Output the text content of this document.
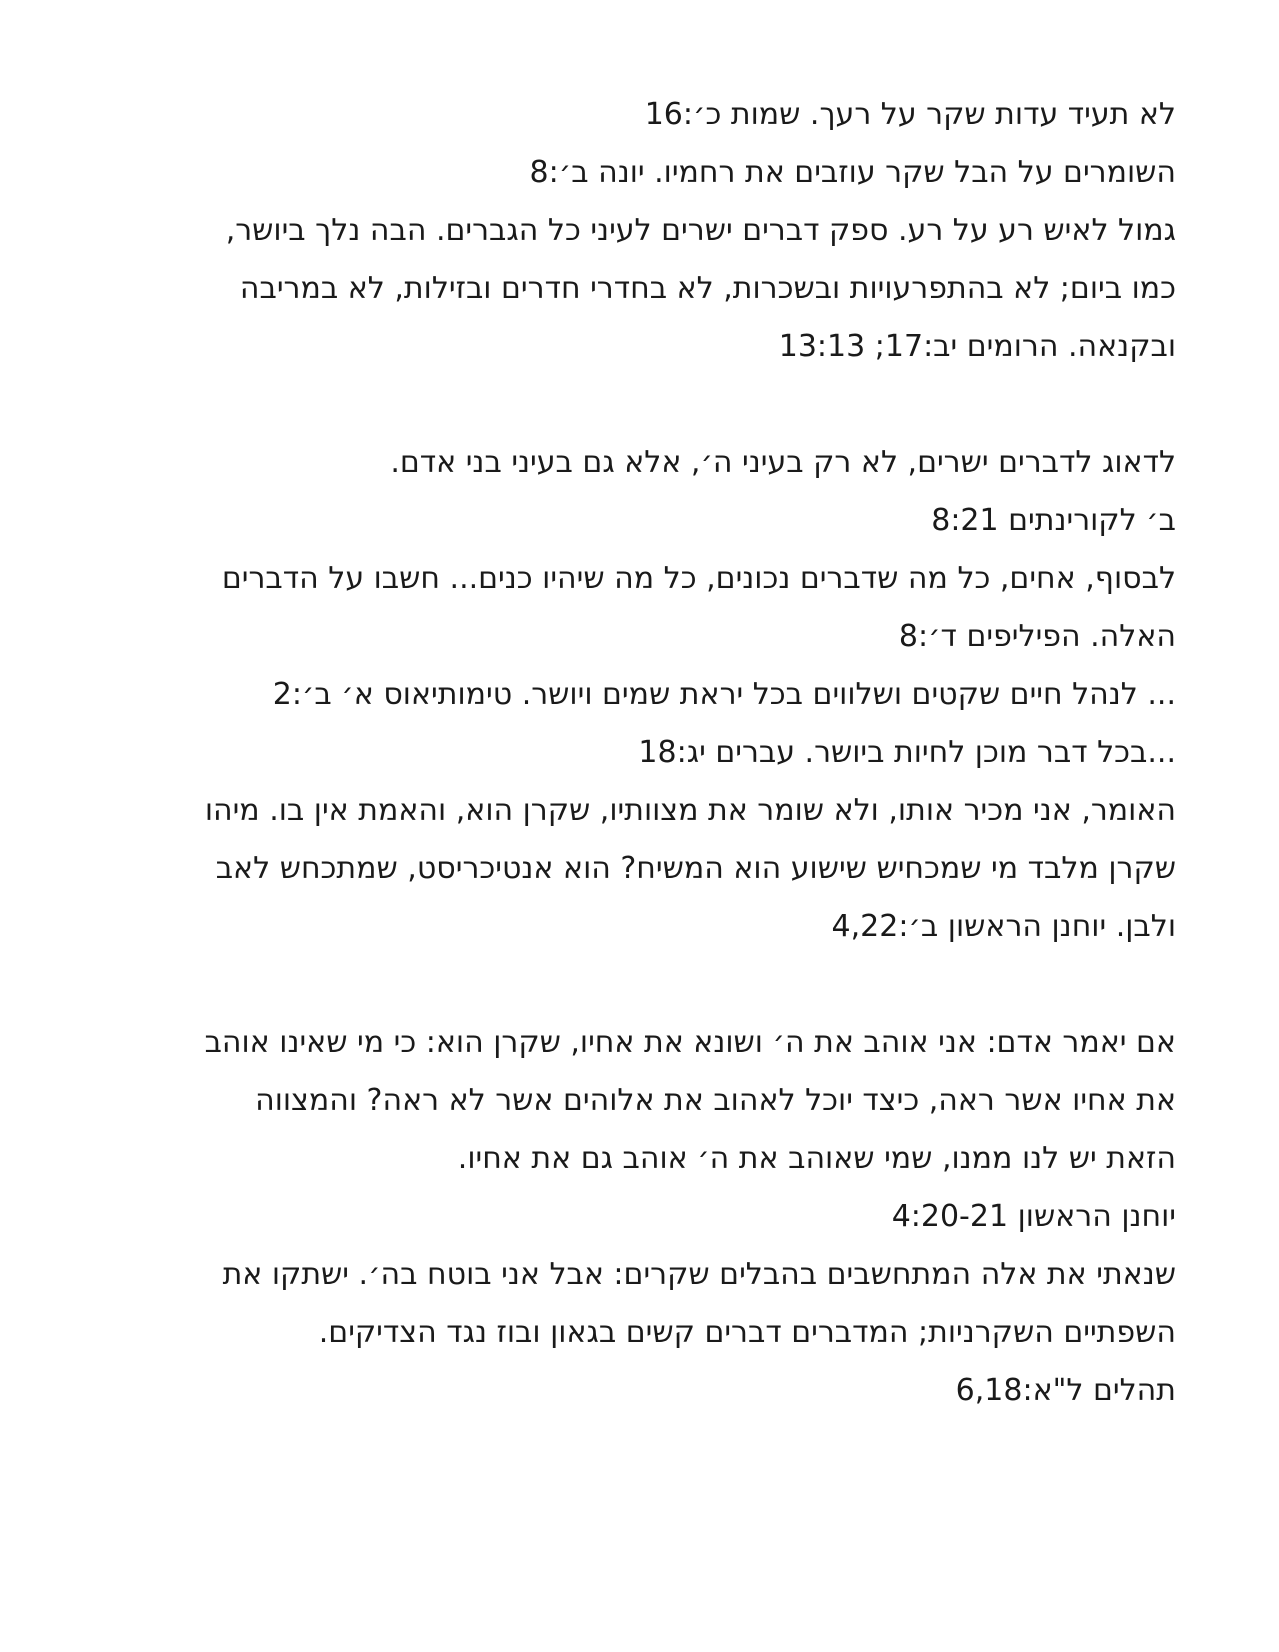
לא תעיד עדות שקר על רעך. שמות כ׳:16
השומרים על הבל שקר עוזבים את רחמיו. יונה ב׳:8
גמול לאיש רע על רע. ספק דברים ישרים לעיני כל הגברים. הבה נלך ביושר,
כמו ביום; לא בהתפרעויות ובשכרות, לא בחדרי חדרים ובזילות, לא במריבה
ובקנאה. הרומים יב:17; 13:13
לדאוג לדברים ישרים, לא רק בעיני ה׳, אלא גם בעיני בני אדם.
ב׳ לקורינתים 8:21
לבסוף, אחים, כל מה שדברים נכונים, כל מה שיהיו כנים... חשבו על הדברים
האלה. הפיליפים ד׳:8
... לנהל חיים שקטים ושלווים בכל יראת שמים ויושר. טימותיאוס א׳ ב׳:2
...בכל דבר מוכן לחיות ביושר. עברים יג:18
האומר, אני מכיר אותו, ולא שומר את מצוותיו, שקרן הוא, והאמת אין בו. מיהו
שקרן מלבד מי שמכחיש שישוע הוא המשיח? הוא אנטיכריסט, שמתכחש לאב
ולבן. יוחנן הראשון ב׳:4,22
אם יאמר אדם: אני אוהב את ה׳ ושונא את אחיו, שקרן הוא: כי מי שאינו אוהב
את אחיו אשר ראה, כיצד יוכל לאהוב את אלוהים אשר לא ראה? והמצווה
הזאת יש לנו ממנו, שמי שאוהב את ה׳ אוהב גם את אחיו.
יוחנן הראשון 4:20-21
שנאתי את אלה המתחשבים בהבלים שקרים: אבל אני בוטח בה׳. ישתקו את
השפתיים השקרניות; המדברים דברים קשים בגאון ובוז נגד הצדיקים.
תהלים ל"א:6,18
